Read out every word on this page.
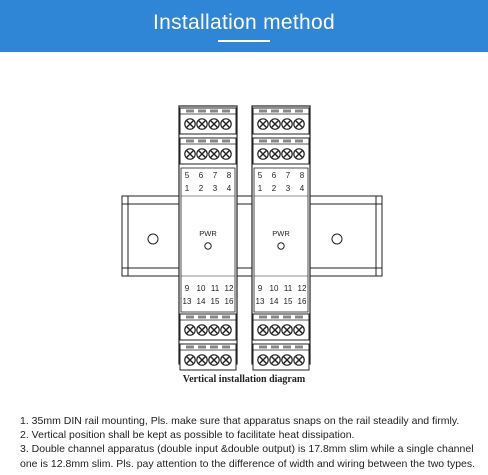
Installation method
5 6 7 8
1 2 3 4
PWR
9 10 11 12
13 14 15 16
5 6 7 8
1 2 3 4
PWR
9 10 11 12
13 14 15 16
Vertical installation diagram

1. 35mm DIN rail mounting, Pls. make sure that apparatus snaps on the rail steadily and firmly.

2. Vertical position shall be kept as possible to facilitate heat dissipation.

3. Double channel apparatus (double input &double output) is 17.8mm slim while a single channel one is 12.8mm slim. Pls. pay attention to the difference of width and wiring between the two types.
